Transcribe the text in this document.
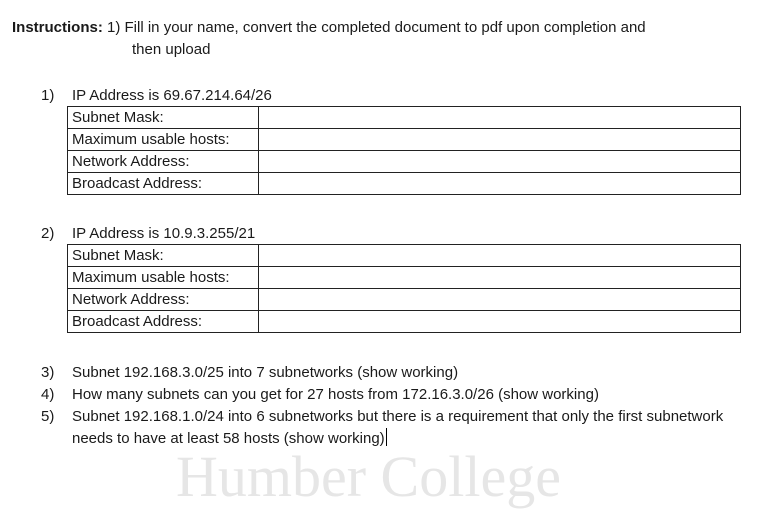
Instructions: 1) Fill in your name, convert the completed document to pdf upon completion and
then upload
1) IP Address is 69.67.214.64/26
Subnet Mask:	
Maximum usable hosts:	
Network Address:	
Broadcast Address:	
2) IP Address is 10.9.3.255/21
Subnet Mask:	
Maximum usable hosts:	
Network Address:	
Broadcast Address:	
3) Subnet 192.168.3.0/25 into 7 subnetworks (show working)
4) How many subnets can you get for 27 hosts from 172.16.3.0/26 (show working)
5) Subnet 192.168.1.0/24 into 6 subnetworks but there is a requirement that only the first subnetwork needs to have at least 58 hosts (show working)
Humber College
